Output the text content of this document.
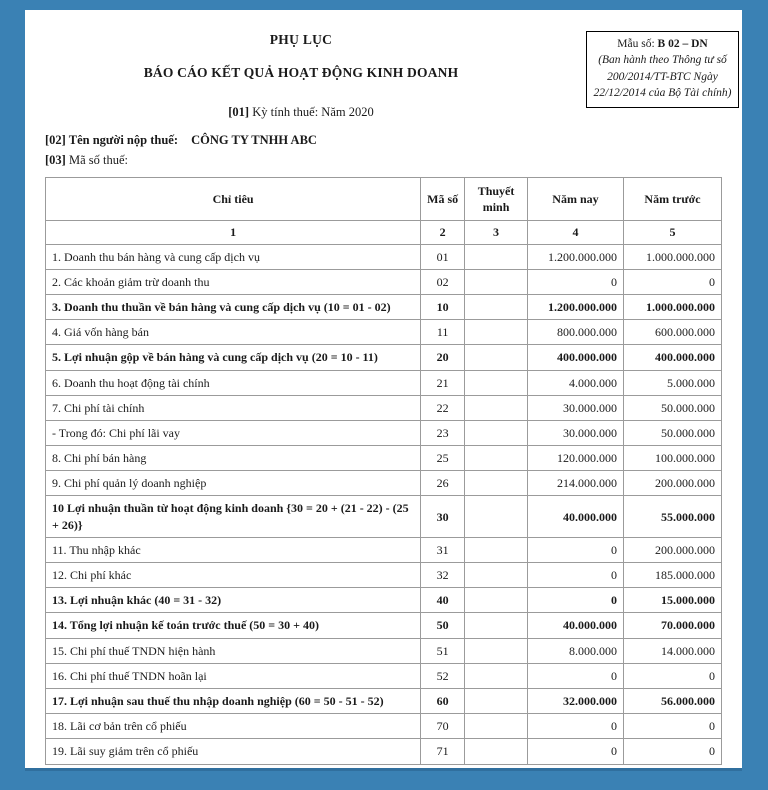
PHỤ LỤC
BÁO CÁO KẾT QUẢ HOẠT ĐỘNG KINH DOANH
[01] Kỳ tính thuế: Năm 2020
Mẫu số: B 02 – DN
(Ban hành theo Thông tư số 200/2014/TT-BTC Ngày 22/12/2014 của Bộ Tài chính)
[02] Tên người nộp thuế: CÔNG TY TNHH ABC
[03] Mã số thuế:
Chỉ tiêu	Mã số	Thuyết minh	Năm nay	Năm trước
1	2	3	4	5
1. Doanh thu bán hàng và cung cấp dịch vụ	01		1.200.000.000	1.000.000.000
2. Các khoản giảm trừ doanh thu	02		0	0
3. Doanh thu thuần về bán hàng và cung cấp dịch vụ (10 = 01 - 02)	10		1.200.000.000	1.000.000.000
4. Giá vốn hàng bán	11		800.000.000	600.000.000
5. Lợi nhuận gộp về bán hàng và cung cấp dịch vụ (20 = 10 - 11)	20		400.000.000	400.000.000
6. Doanh thu hoạt động tài chính	21		4.000.000	5.000.000
7. Chi phí tài chính	22		30.000.000	50.000.000
- Trong đó: Chi phí lãi vay	23		30.000.000	50.000.000
8. Chi phí bán hàng	25		120.000.000	100.000.000
9. Chi phí quản lý doanh nghiệp	26		214.000.000	200.000.000
10 Lợi nhuận thuần từ hoạt động kinh doanh {30 = 20 + (21 - 22) - (25 + 26)}	30		40.000.000	55.000.000
11. Thu nhập khác	31		0	200.000.000
12. Chi phí khác	32		0	185.000.000
13. Lợi nhuận khác (40 = 31 - 32)	40		0	15.000.000
14. Tổng lợi nhuận kế toán trước thuế (50 = 30 + 40)	50		40.000.000	70.000.000
15. Chi phí thuế TNDN hiện hành	51		8.000.000	14.000.000
16. Chi phí thuế TNDN hoãn lại	52		0	0
17. Lợi nhuận sau thuế thu nhập doanh nghiệp (60 = 50 - 51 - 52)	60		32.000.000	56.000.000
18. Lãi cơ bản trên cổ phiếu	70		0	0
19. Lãi suy giảm trên cổ phiếu	71		0	0
